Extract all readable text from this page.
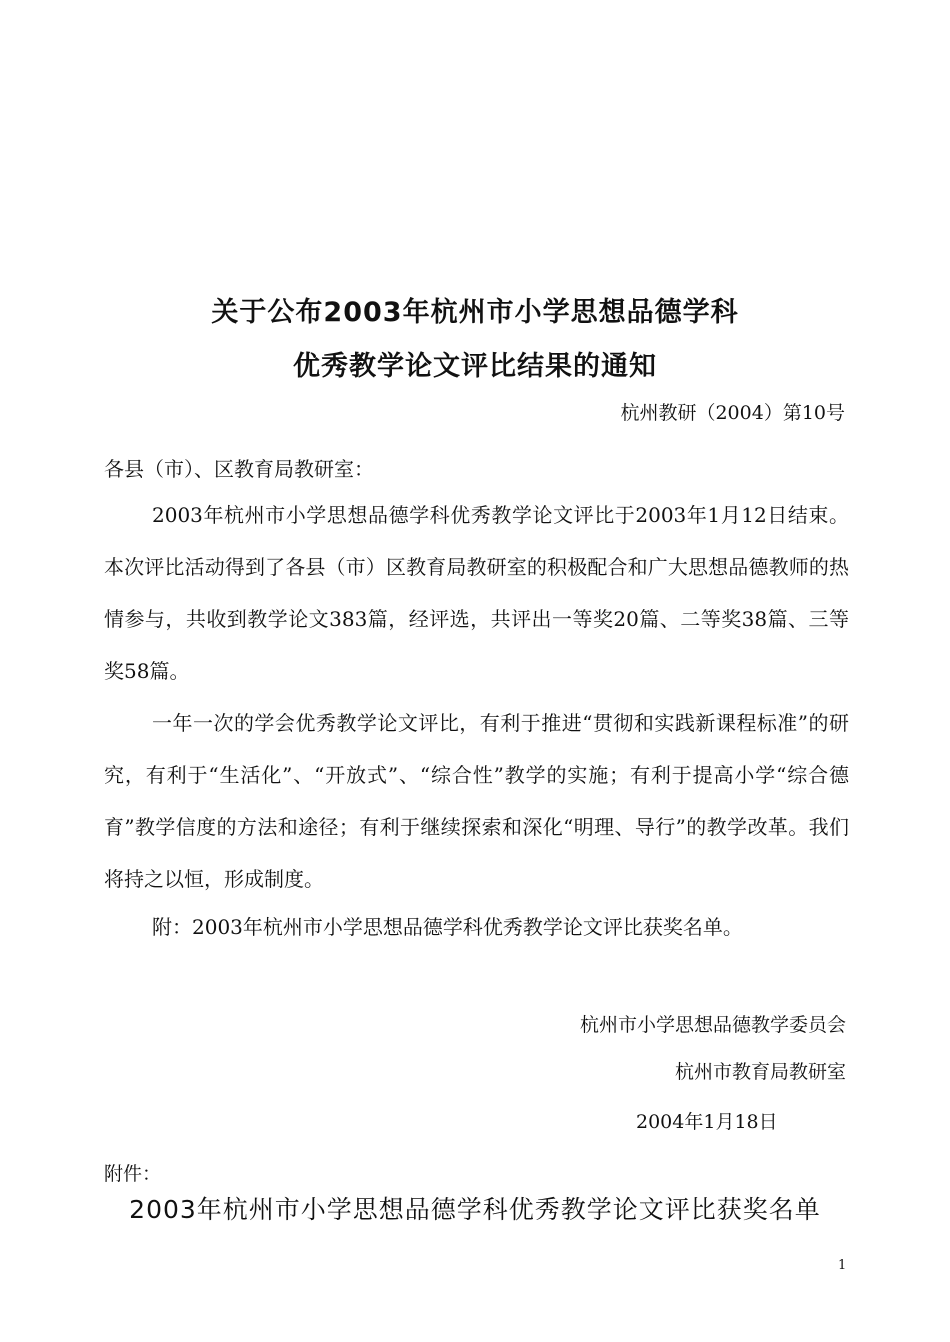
关于公布2003年杭州市小学思想品德学科
优秀教学论文评比结果的通知
杭州教研（2004）第10号
各县（市）、区教育局教研室：
2003年杭州市小学思想品德学科优秀教学论文评比于2003年1月12日结束。本次评比活动得到了各县（市）区教育局教研室的积极配合和广大思想品德教师的热情参与，共收到教学论文383篇，经评选，共评出一等奖20篇、二等奖38篇、三等奖58篇。
一年一次的学会优秀教学论文评比，有利于推进“贯彻和实践新课程标准”的研究，有利于“生活化”、“开放式”、“综合性”教学的实施；有利于提高小学“综合德育”教学信度的方法和途径；有利于继续探索和深化“明理、导行”的教学改革。我们将持之以恒，形成制度。
附：2003年杭州市小学思想品德学科优秀教学论文评比获奖名单。
杭州市小学思想品德教学委员会
杭州市教育局教研室
2004年1月18日
附件：
2003年杭州市小学思想品德学科优秀教学论文评比获奖名单
1
